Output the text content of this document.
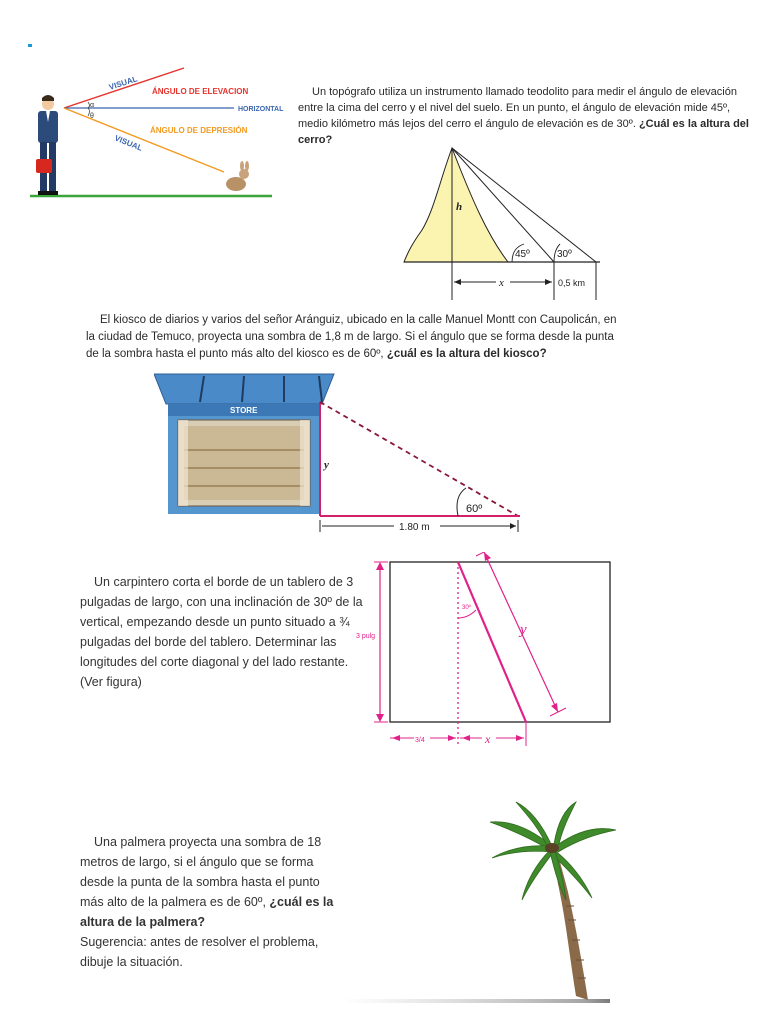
α
θ
VISUAL ÁNGULO DE ELEVACION
HORIZONTAL
ÁNGULO DE DEPRESIÓN
VISUAL
Un topógrafo utiliza un instrumento llamado teodolito para medir el ángulo de elevación entre la cima del cerro y el nivel del suelo. En un punto, el ángulo de elevación mide 45º, medio kilómetro más lejos del cerro el ángulo de elevación es de 30º. ¿Cuál es la altura del cerro?
h
45º	30º
x	0,5 km
El kiosco de diarios y varios del señor Aránguiz, ubicado en la calle Manuel Montt con Caupolicán, en la ciudad de Temuco, proyecta una sombra de 1,8 m de largo. Si el ángulo que se forma desde la punta de la sombra hasta el punto más alto del kiosco es de 60º, ¿cuál es la altura del kiosco?
STORE
y
60º
1.80 m
Un carpintero corta el borde de un tablero de 3 pulgadas de largo, con una inclinación de 30º de la vertical, empezando desde un punto situado a ¾ pulgadas del borde del tablero. Determinar las longitudes del corte diagonal y del lado restante. (Ver figura)
3 pulg
30º
y
3/4	x
Una palmera proyecta una sombra de 18 metros de largo, si el ángulo que se forma desde la punta de la sombra hasta el punto más alto de la palmera es de 60º, ¿cuál es la altura de la palmera?
Sugerencia: antes de resolver el problema, dibuje la situación.
